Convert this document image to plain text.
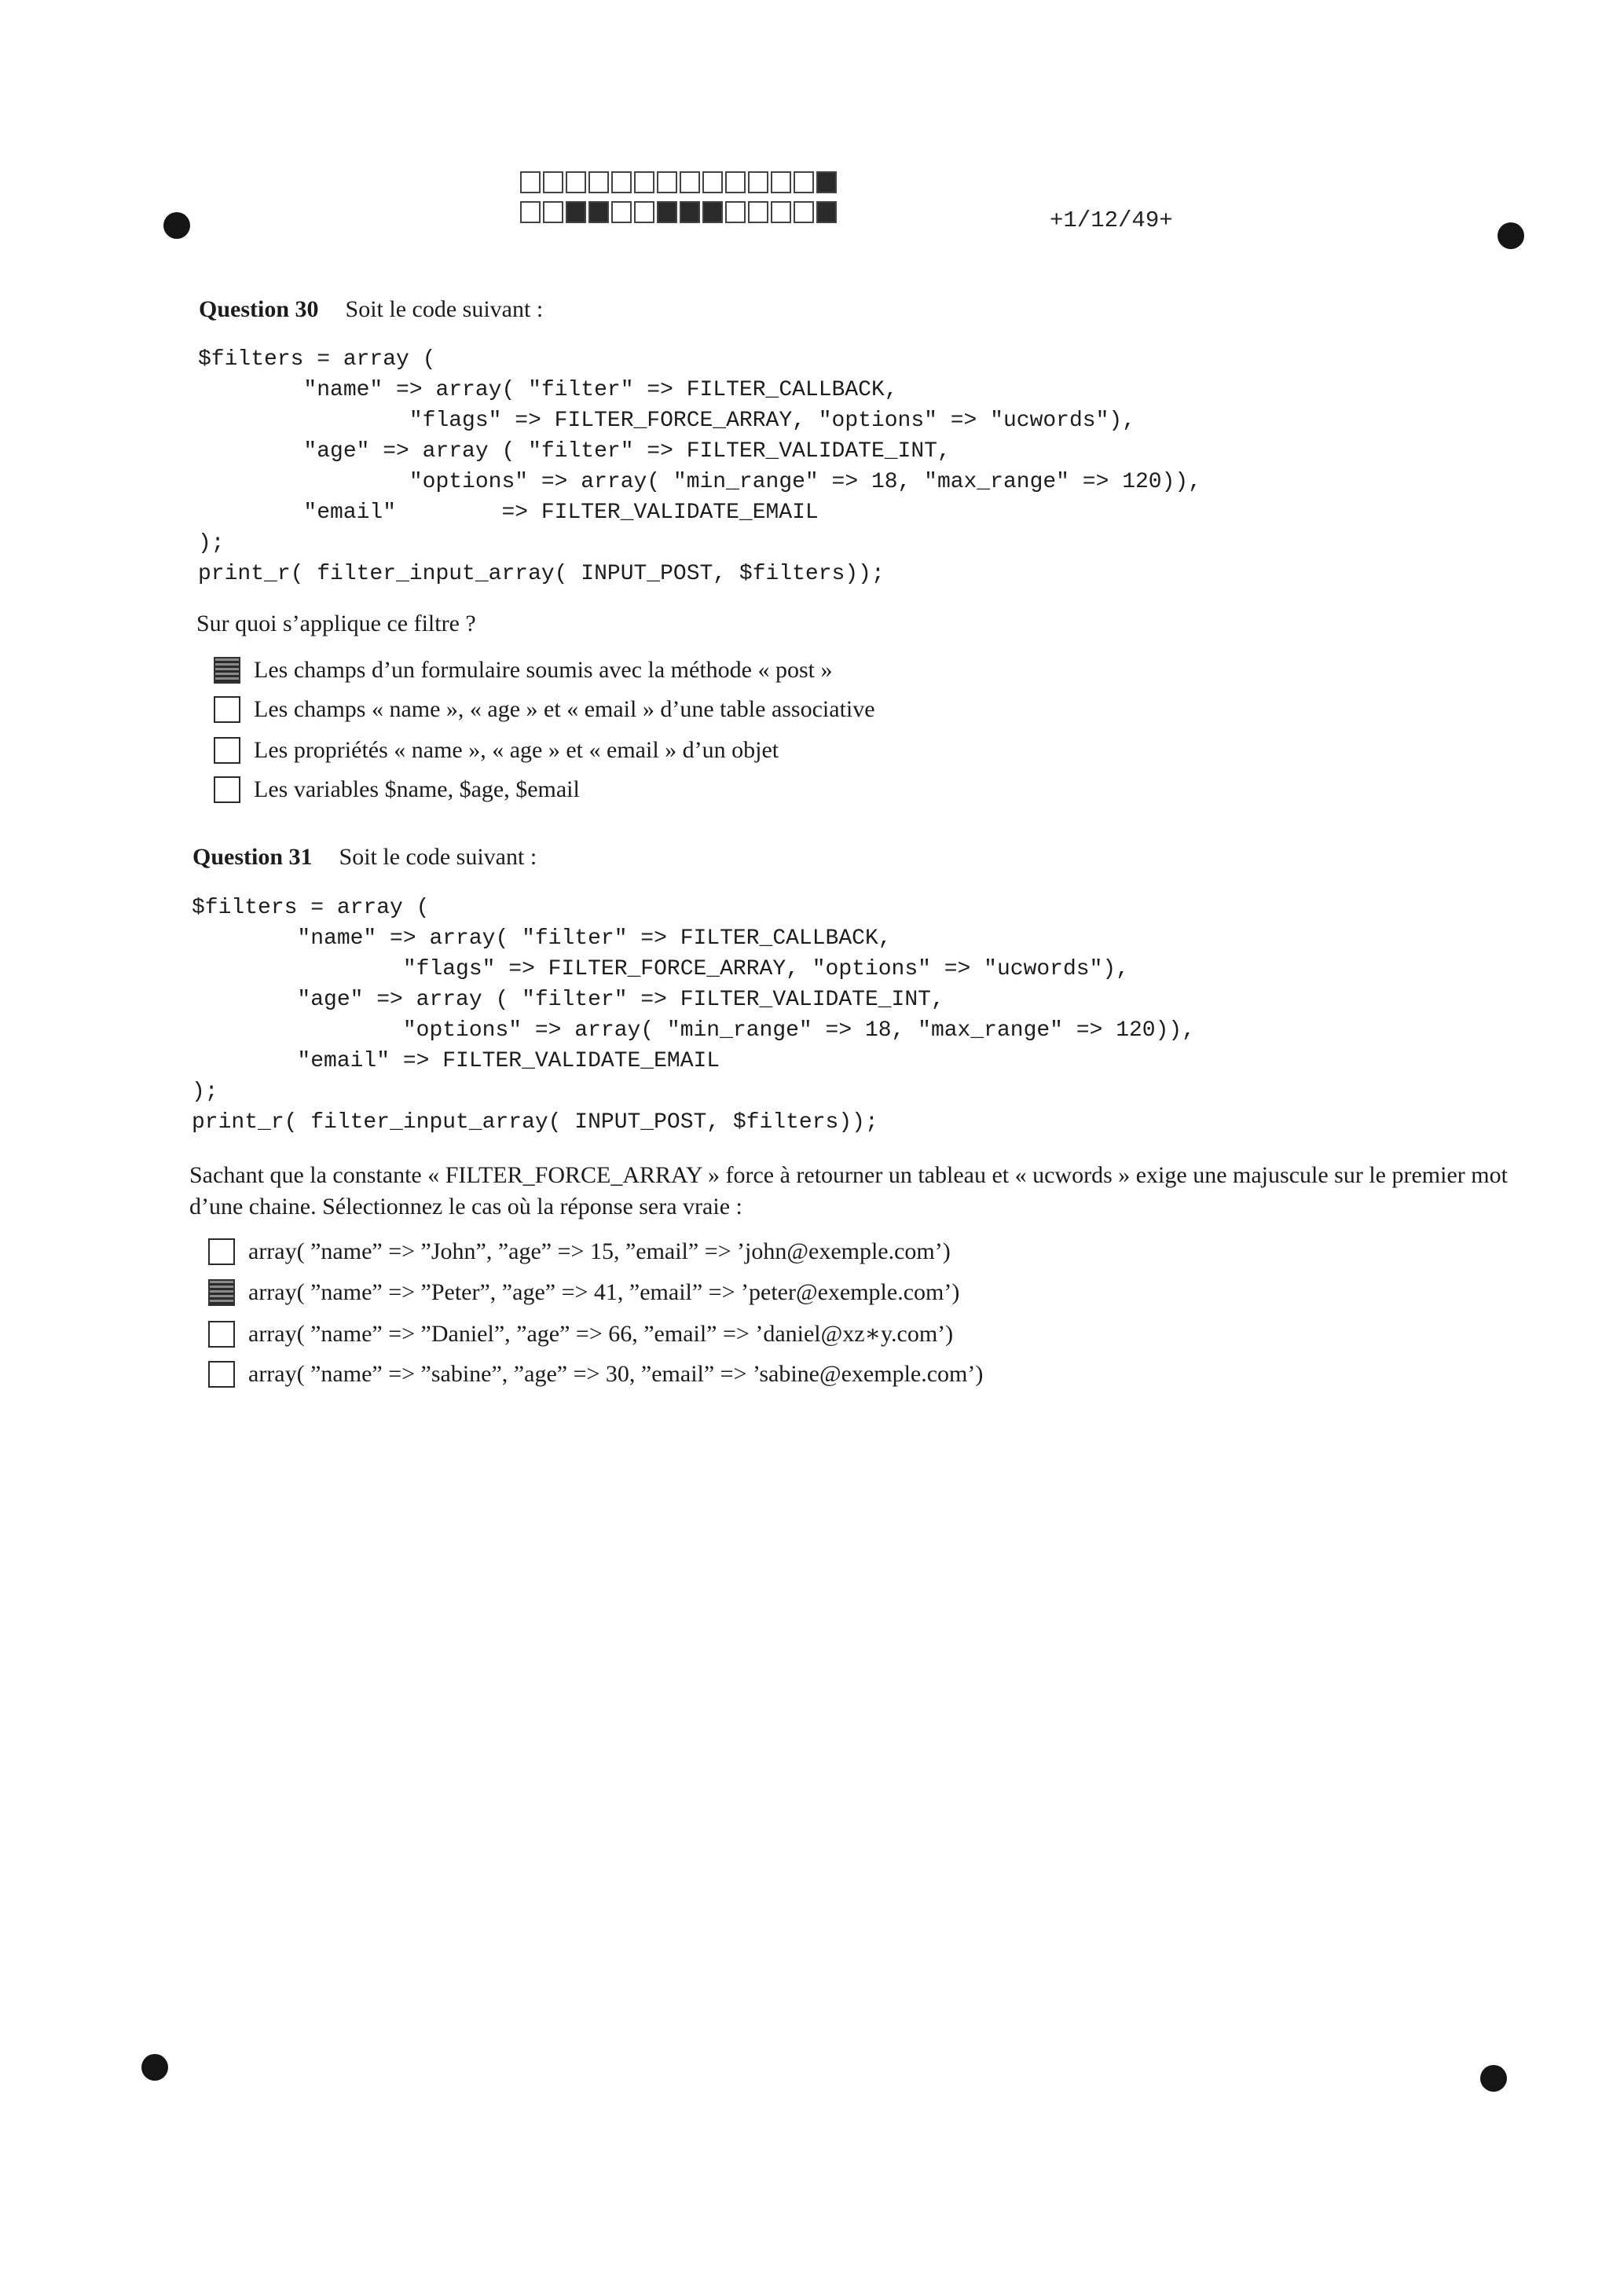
+1/12/49+
Question 30 Soit le code suivant :
$filters = array (
"name" => array( "filter" => FILTER_CALLBACK,
"flags" => FILTER_FORCE_ARRAY, "options" => "ucwords"),
"age" => array ( "filter" => FILTER_VALIDATE_INT,
"options" => array( "min_range" => 18, "max_range" => 120)),
"email"        => FILTER_VALIDATE_EMAIL
);
print_r( filter_input_array( INPUT_POST, $filters));
Sur quoi s’applique ce filtre ?
Les champs d’un formulaire soumis avec la méthode « post »
Les champs « name », « age » et « email » d’une table associative
Les propriétés « name », « age » et « email » d’un objet
Les variables $name, $age, $email
Question 31 Soit le code suivant :
$filters = array (
"name" => array( "filter" => FILTER_CALLBACK,
"flags" => FILTER_FORCE_ARRAY, "options" => "ucwords"),
"age" => array ( "filter" => FILTER_VALIDATE_INT,
"options" => array( "min_range" => 18, "max_range" => 120)),
"email" => FILTER_VALIDATE_EMAIL
);
print_r( filter_input_array( INPUT_POST, $filters));
Sachant que la constante « FILTER_FORCE_ARRAY » force à retourner un tableau et « ucwords » exige une majuscule sur le premier mot d’une chaine. Sélectionnez le cas où la réponse sera vraie :
array( ”name” => ”John”, ”age” => 15, ”email” => ’john@exemple.com’)
array( ”name” => ”Peter”, ”age” => 41, ”email” => ’peter@exemple.com’)
array( ”name” => ”Daniel”, ”age” => 66, ”email” => ’daniel@xz∗y.com’)
array( ”name” => ”sabine”, ”age” => 30, ”email” => ’sabine@exemple.com’)
